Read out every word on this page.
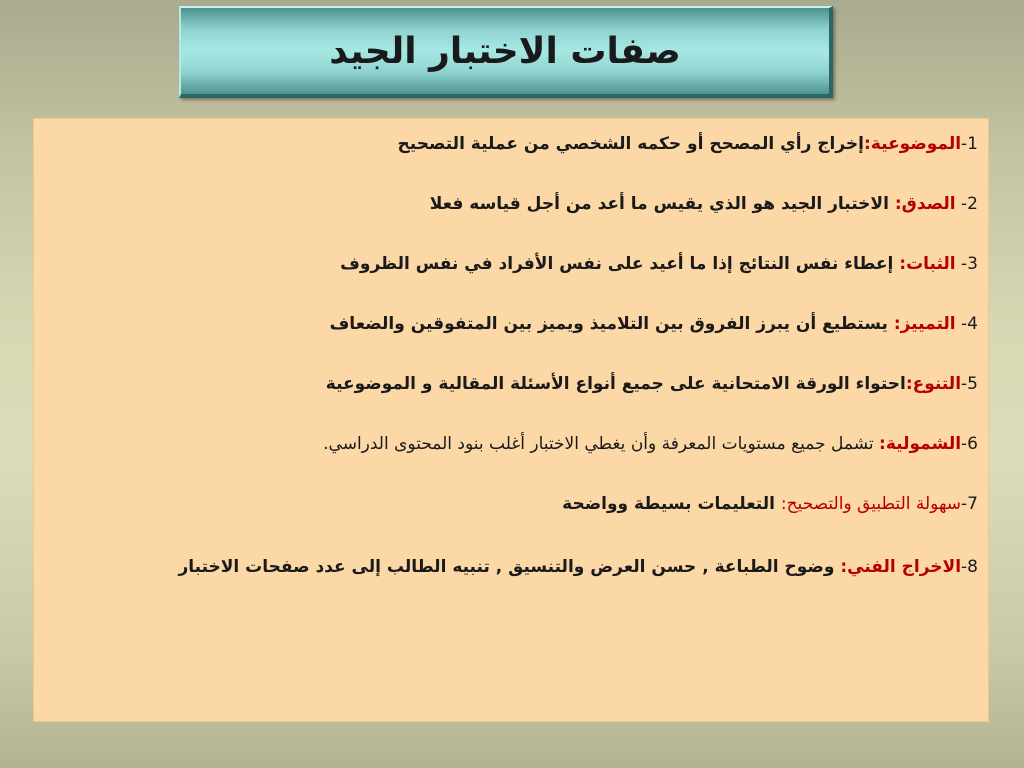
صفات الاختبار الجيد
1-الموضوعية:إخراج رأي المصحح أو حكمه الشخصي من عملية التصحيح
2- الصدق: الاختبار الجيد هو الذي يقيس ما أعد من أجل قياسه فعلا
3- الثبات: إعطاء نفس النتائج إذا ما أعيد على نفس الأفراد في نفس الظروف
4- التمييز: يستطيع أن يبرز الفروق بين التلاميذ ويميز بين المتفوقين والضعاف
5-التنوع:احتواء الورقة الامتحانية على جميع أنواع الأسئلة المقالية و الموضوعية
6-الشمولية: تشمل جميع مستويات المعرفة وأن يغطي الاختبار أغلب بنود المحتوى الدراسي.
7-سهولة التطبيق والتصحيح: التعليمات بسيطة وواضحة
8-الاخراج الفني: وضوح الطباعة , حسن العرض والتنسيق , تنبيه الطالب إلى عدد صفحات الاختبار
